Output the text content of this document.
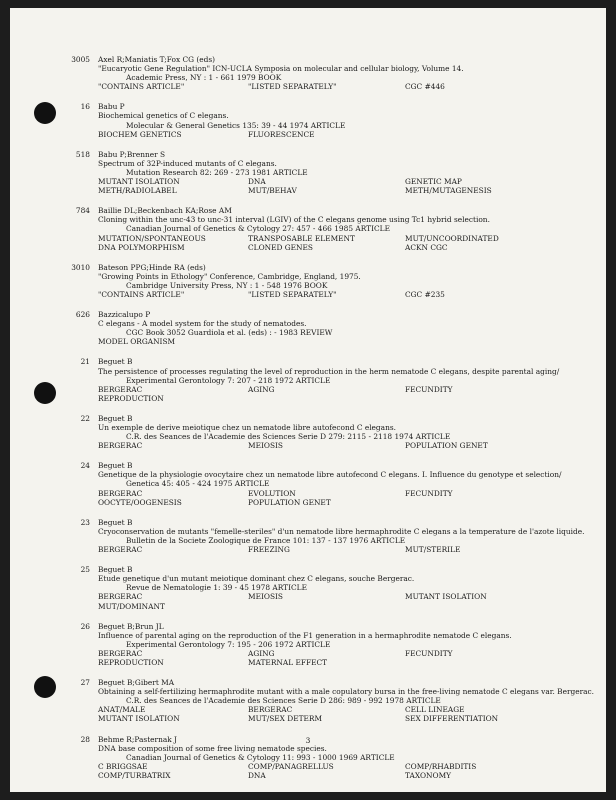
3005 Axel R;Maniatis T;Fox CG (eds)
"Eucaryotic Gene Regulation" ICN-UCLA Symposia on molecular and cellular biology, Volume 14.
Academic Press, NY : 1 - 661 1979 BOOK
"CONTAINS ARTICLE"	"LISTED SEPARATELY"	CGC #446
16 Babu P
Biochemical genetics of C elegans.
Molecular & General Genetics 135: 39 - 44 1974 ARTICLE
BIOCHEM GENETICS	FLUORESCENCE
518 Babu P;Brenner S
Spectrum of 32P-induced mutants of C elegans.
Mutation Research 82: 269 - 273 1981 ARTICLE
MUTANT ISOLATION	DNA	GENETIC MAP
METH/RADIOLABEL	MUT/BEHAV	METH/MUTAGENESIS
784 Baillie DL;Beckenbach KA;Rose AM
Cloning within the unc-43 to unc-31 interval (LGIV) of the C elegans genome using Tc1 hybrid selection.
Canadian Journal of Genetics & Cytology 27: 457 - 466 1985 ARTICLE
MUTATION/SPONTANEOUS	TRANSPOSABLE ELEMENT	MUT/UNCOORDINATED
DNA POLYMORPHISM	CLONED GENES	ACKN CGC
3010 Bateson PPG;Hinde RA (eds)
"Growing Points in Ethology" Conference, Cambridge, England, 1975.
Cambridge University Press, NY : 1 - 548 1976 BOOK
"CONTAINS ARTICLE"	"LISTED SEPARATELY"	CGC #235
626 Bazzicalupo P
C elegans - A model system for the study of nematodes.
CGC Book 3052 Guardiola et al. (eds) : - 1983 REVIEW
MODEL ORGANISM
21 Beguet B
The persistence of processes regulating the level of reproduction in the herm nematode C elegans, despite parental aging/
Experimental Gerontology 7: 207 - 218 1972 ARTICLE
BERGERAC	AGING	FECUNDITY
REPRODUCTION
22 Beguet B
Un exemple de derive meiotique chez un nematode libre autofecond C elegans.
C.R. des Seances de l'Academie des Sciences Serie D 279: 2115 - 2118 1974 ARTICLE
BERGERAC	MEIOSIS	POPULATION GENET
24 Beguet B
Genetique de la physiologie ovocytaire chez un nematode libre autofecond C elegans. I. Influence du genotype et selection/
Genetica 45: 405 - 424 1975 ARTICLE
BERGERAC	EVOLUTION	FECUNDITY
OOCYTE/OOGENESIS	POPULATION GENET
23 Beguet B
Cryoconservation de mutants "femelle-steriles" d'un nematode libre hermaphrodite C elegans a la temperature de l'azote liquide.
Bulletin de la Societe Zoologique de France 101: 137 - 137 1976 ARTICLE
BERGERAC	FREEZING	MUT/STERILE
25 Beguet B
Etude genetique d'un mutant meiotique dominant chez C elegans, souche Bergerac.
Revue de Nematologie 1: 39 - 45 1978 ARTICLE
BERGERAC	MEIOSIS	MUTANT ISOLATION
MUT/DOMINANT
26 Beguet B;Brun JL
Influence of parental aging on the reproduction of the F1 generation in a hermaphrodite nematode C elegans.
Experimental Gerontology 7: 195 - 206 1972 ARTICLE
BERGERAC	AGING	FECUNDITY
REPRODUCTION	MATERNAL EFFECT
27 Beguet B;Gibert MA
Obtaining a self-fertilizing hermaphrodite mutant with a male copulatory bursa in the free-living nematode C elegans var. Bergerac.
C.R. des Seances de l'Academie des Sciences Serie D 286: 989 - 992 1978 ARTICLE
ANAT/MALE	BERGERAC	CELL LINEAGE
MUTANT ISOLATION	MUT/SEX DETERM	SEX DIFFERENTIATION
28 Behme R;Pasternak J
DNA base composition of some free living nematode species.
Canadian Journal of Genetics & Cytology 11: 993 - 1000 1969 ARTICLE
C BRIGGSAE	COMP/PANAGRELLUS	COMP/RHABDITIS
COMP/TURBATRIX	DNA	TAXONOMY
3
